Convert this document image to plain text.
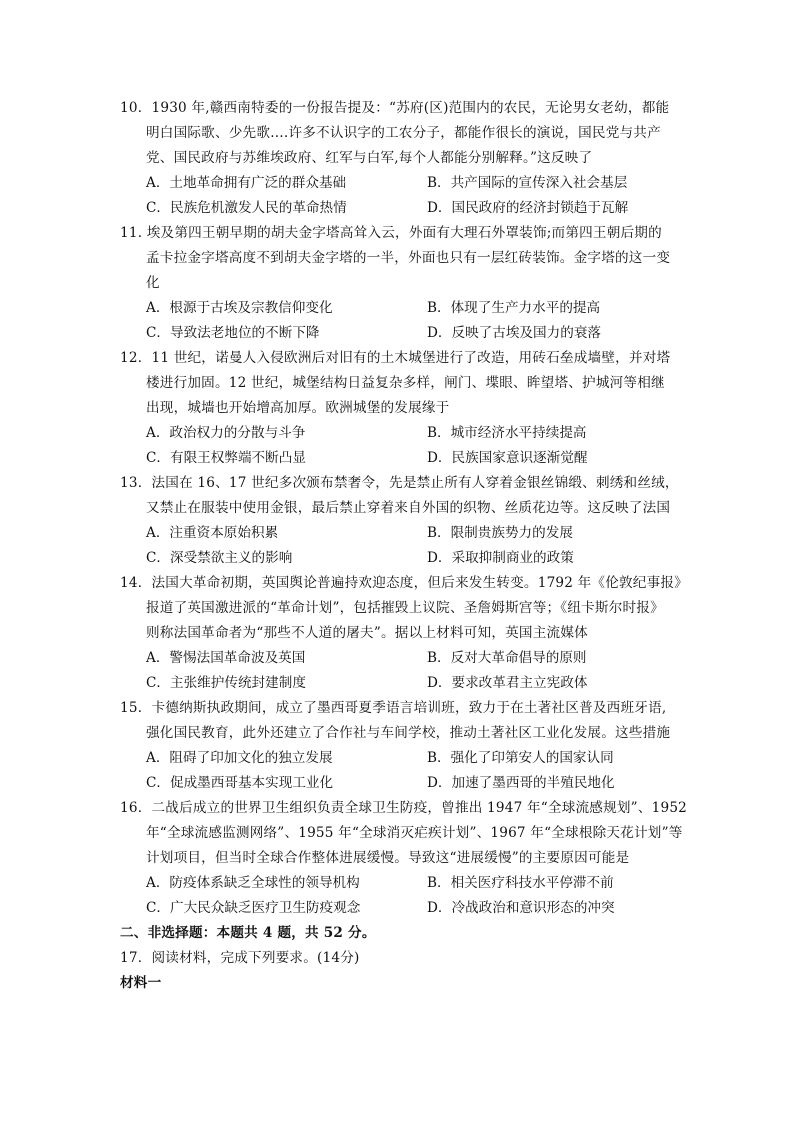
10．1930 年,赣西南特委的一份报告提及：“苏府(区)范围内的农民，无论男女老幼，都能
明白国际歌、少先歌….许多不认识字的工农分子，都能作很长的演说，国民党与共产
党、国民政府与苏维埃政府、红军与白军,每个人都能分别解释。”这反映了
A．土地革命拥有广泛的群众基础	B．共产国际的宣传深入社会基层
C．民族危机激发人民的革命热情	D．国民政府的经济封锁趋于瓦解
11. 埃及第四王朝早期的胡夫金字塔高耸入云，外面有大理石外罩装饰;而第四王朝后期的
孟卡拉金字塔高度不到胡夫金字塔的一半，外面也只有一层红砖装饰。金字塔的这一变
化
A．根源于古埃及宗教信仰变化	B．体现了生产力水平的提高
C．导致法老地位的不断下降	D．反映了古埃及国力的衰落
12．11 世纪，诺曼人入侵欧洲后对旧有的土木城堡进行了改造，用砖石垒成墙壁，并对塔
楼进行加固。12 世纪，城堡结构日益复杂多样，闸门、堞眼、眸望塔、护城河等相继
出现，城墙也开始增高加厚。欧洲城堡的发展缘于
A．政治权力的分散与斗争	B．城市经济水平持续提高
C．有限王权弊端不断凸显	D．民族国家意识逐渐觉醒
13．法国在 16、17 世纪多次颁布禁奢令，先是禁止所有人穿着金银丝锦缎、刺绣和丝绒，
又禁止在服装中使用金银，最后禁止穿着来自外国的织物、丝质花边等。这反映了法国
A．注重资本原始积累	B．限制贵族势力的发展
C．深受禁欲主义的影响	D．采取抑制商业的政策
14．法国大革命初期，英国舆论普遍持欢迎态度，但后来发生转变。1792 年《伦敦纪事报》
报道了英国激进派的“革命计划”，包括摧毁上议院、圣詹姆斯宫等；《纽卡斯尔时报》
则称法国革命者为“那些不人道的屠夫”。据以上材料可知，英国主流媒体
A．警惕法国革命波及英国	B．反对大革命倡导的原则
C．主张维护传统封建制度	D．要求改革君主立宪政体
15．卡德纳斯执政期间，成立了墨西哥夏季语言培训班，致力于在土著社区普及西班牙语,
强化国民教育，此外还建立了合作社与车间学校，推动土著社区工业化发展。这些措施
A．阻碍了印加文化的独立发展	B．强化了印第安人的国家认同
C．促成墨西哥基本实现工业化	D．加速了墨西哥的半殖民地化
16．二战后成立的世界卫生组织负责全球卫生防疫，曾推出 1947 年“全球流感规划”、1952
年“全球流感监测网络”、1955 年“全球消灭疟疾计划”、1967 年“全球根除天花计划”等
计划项目，但当时全球合作整体进展缓慢。导致这“进展缓慢”的主要原因可能是
A．防疫体系缺乏全球性的领导机构	B．相关医疗科技水平停滞不前
C．广大民众缺乏医疗卫生防疫观念	D．冷战政治和意识形态的冲突
二、非选择题：本题共 4 题，共 52 分。
17．阅读材料，完成下列要求。(14分)
材料一
